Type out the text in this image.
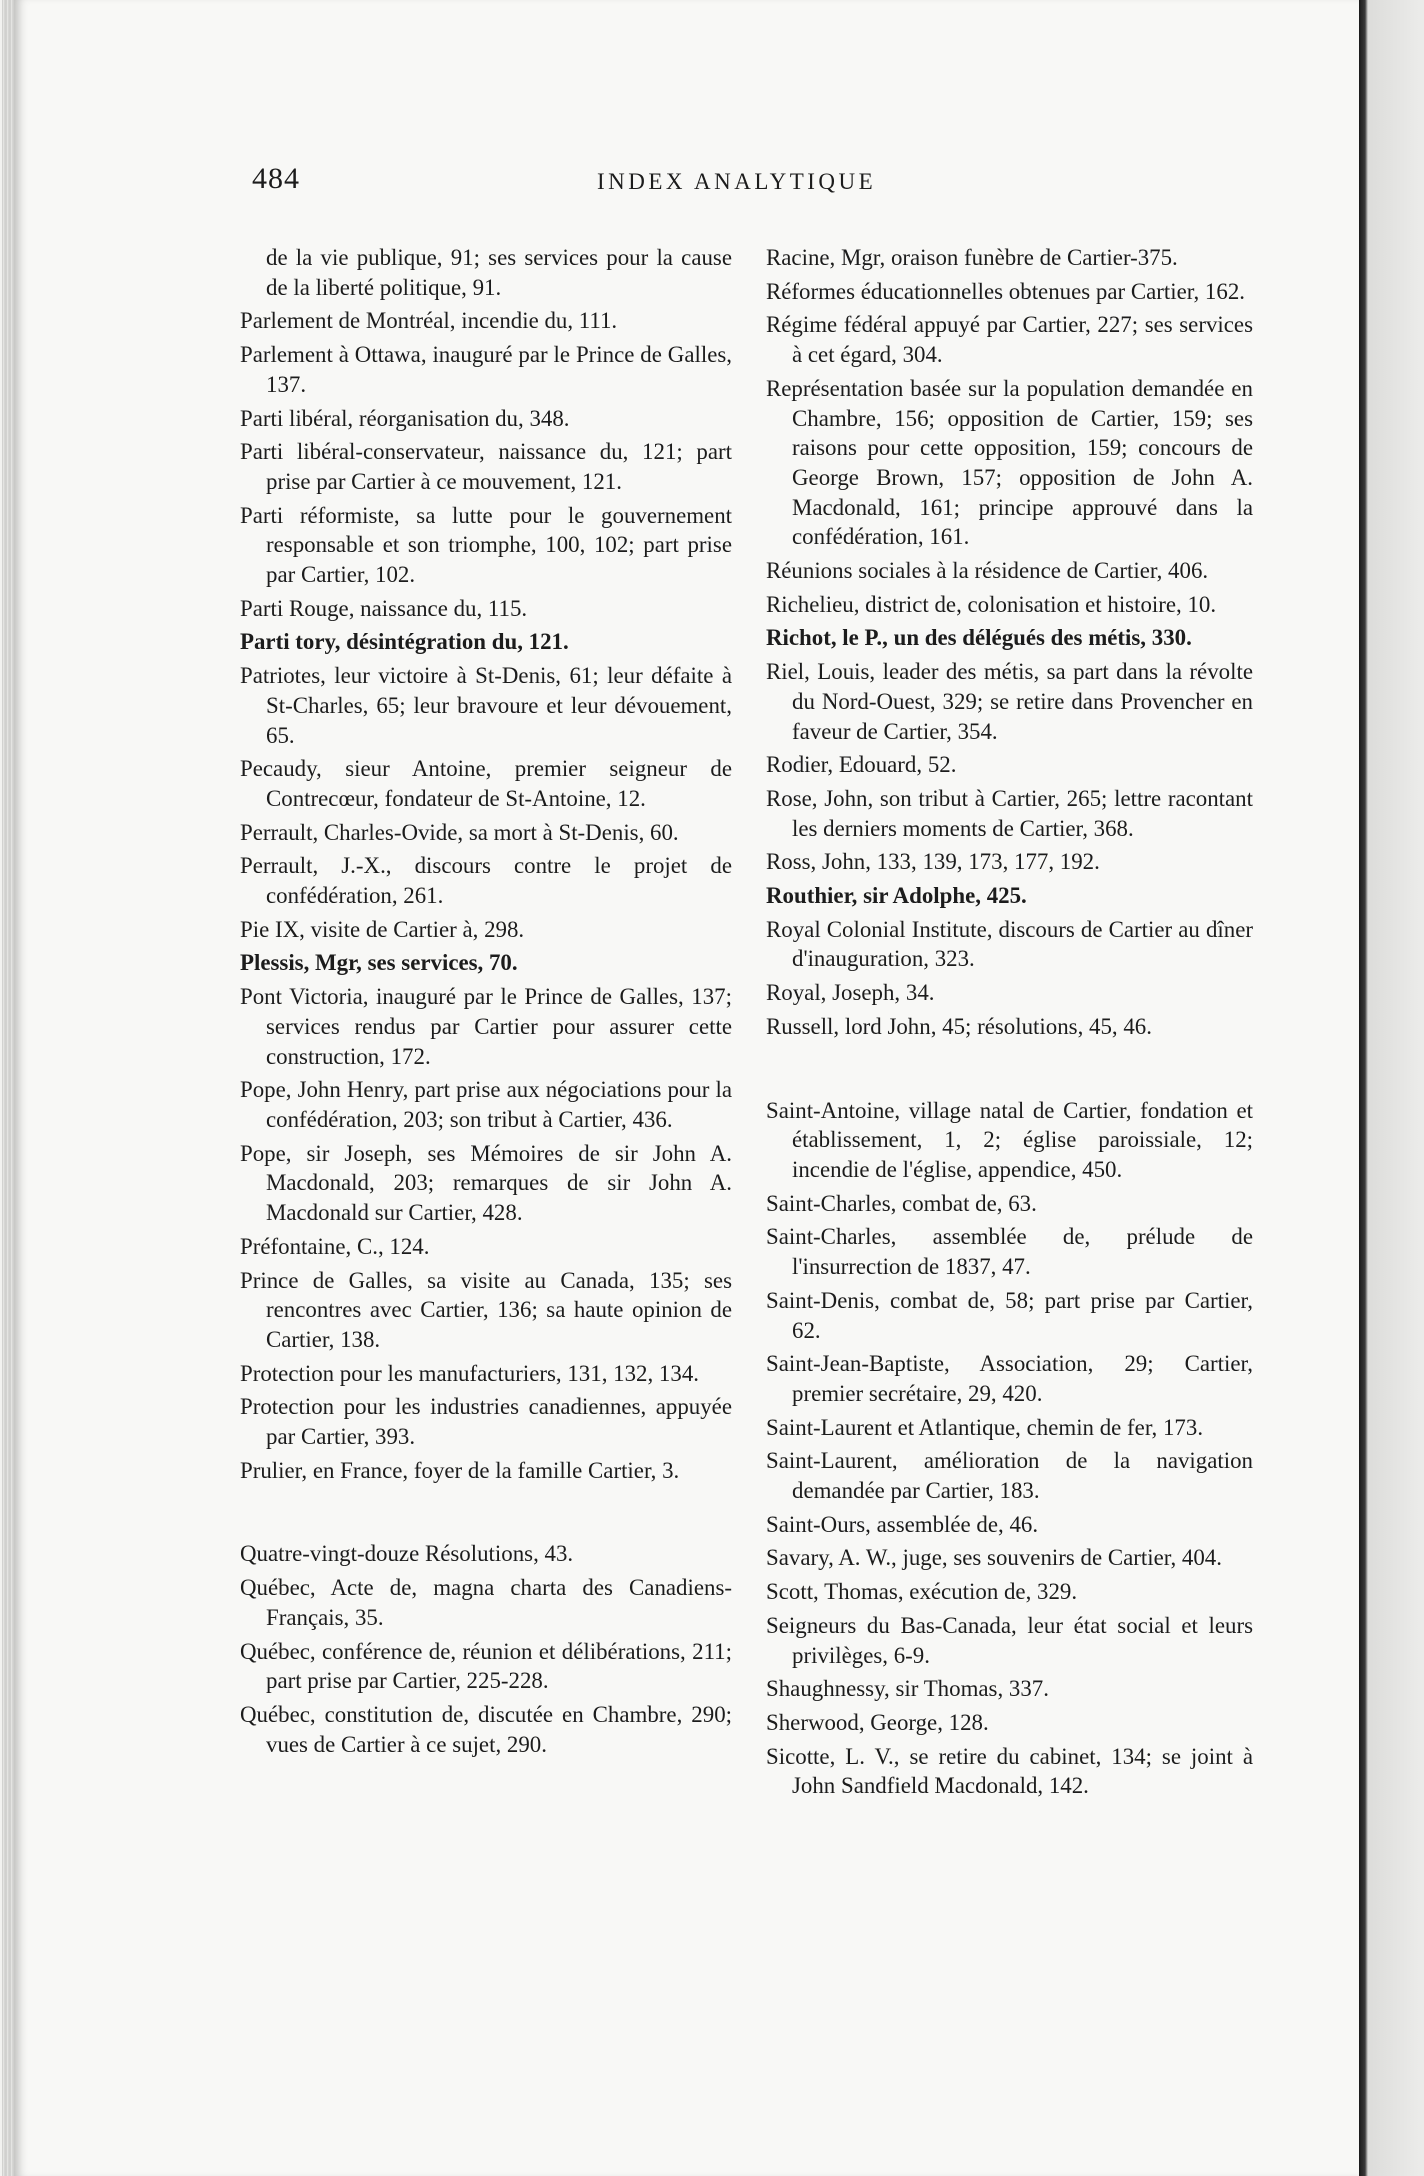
484	INDEX ANALYTIQUE

de la vie publique, 91; ses services pour la cause de la liberté politique, 91.

Parlement de Montréal, incendie du, 111.

Parlement à Ottawa, inauguré par le Prince de Galles, 137.

Parti libéral, réorganisation du, 348.

Parti libéral-conservateur, naissance du, 121; part prise par Cartier à ce mouvement, 121.

Parti réformiste, sa lutte pour le gouvernement responsable et son triomphe, 100, 102; part prise par Cartier, 102.

Parti Rouge, naissance du, 115.

Parti tory, désintégration du, 121.

Patriotes, leur victoire à St-Denis, 61; leur défaite à St-Charles, 65; leur bravoure et leur dévouement, 65.

Pecaudy, sieur Antoine, premier seigneur de Contrecœur, fondateur de St-Antoine, 12.

Perrault, Charles-Ovide, sa mort à St-Denis, 60.

Perrault, J.-X., discours contre le projet de confédération, 261.

Pie IX, visite de Cartier à, 298.

Plessis, Mgr, ses services, 70.

Pont Victoria, inauguré par le Prince de Galles, 137; services rendus par Cartier pour assurer cette construction, 172.

Pope, John Henry, part prise aux négociations pour la confédération, 203; son tribut à Cartier, 436.

Pope, sir Joseph, ses Mémoires de sir John A. Macdonald, 203; remarques de sir John A. Macdonald sur Cartier, 428.

Préfontaine, C., 124.

Prince de Galles, sa visite au Canada, 135; ses rencontres avec Cartier, 136; sa haute opinion de Cartier, 138.

Protection pour les manufacturiers, 131, 132, 134.

Protection pour les industries canadiennes, appuyée par Cartier, 393.

Prulier, en France, foyer de la famille Cartier, 3.

Quatre-vingt-douze Résolutions, 43.

Québec, Acte de, magna charta des Canadiens-Français, 35.

Québec, conférence de, réunion et délibérations, 211; part prise par Cartier, 225-228.

Québec, constitution de, discutée en Chambre, 290; vues de Cartier à ce sujet, 290.

Racine, Mgr, oraison funèbre de Cartier-375.

Réformes éducationnelles obtenues par Cartier, 162.

Régime fédéral appuyé par Cartier, 227; ses services à cet égard, 304.

Représentation basée sur la population demandée en Chambre, 156; opposition de Cartier, 159; ses raisons pour cette opposition, 159; concours de George Brown, 157; opposition de John A. Macdonald, 161; principe approuvé dans la confédération, 161.

Réunions sociales à la résidence de Cartier, 406.

Richelieu, district de, colonisation et histoire, 10.

Richot, le P., un des délégués des métis, 330.

Riel, Louis, leader des métis, sa part dans la révolte du Nord-Ouest, 329; se retire dans Provencher en faveur de Cartier, 354.

Rodier, Edouard, 52.

Rose, John, son tribut à Cartier, 265; lettre racontant les derniers moments de Cartier, 368.

Ross, John, 133, 139, 173, 177, 192.

Routhier, sir Adolphe, 425.

Royal Colonial Institute, discours de Cartier au dîner d'inauguration, 323.

Royal, Joseph, 34.

Russell, lord John, 45; résolutions, 45, 46.

Saint-Antoine, village natal de Cartier, fondation et établissement, 1, 2; église paroissiale, 12; incendie de l'église, appendice, 450.

Saint-Charles, combat de, 63.

Saint-Charles, assemblée de, prélude de l'insurrection de 1837, 47.

Saint-Denis, combat de, 58; part prise par Cartier, 62.

Saint-Jean-Baptiste, Association, 29; Cartier, premier secrétaire, 29, 420.

Saint-Laurent et Atlantique, chemin de fer, 173.

Saint-Laurent, amélioration de la navigation demandée par Cartier, 183.

Saint-Ours, assemblée de, 46.

Savary, A. W., juge, ses souvenirs de Cartier, 404.

Scott, Thomas, exécution de, 329.

Seigneurs du Bas-Canada, leur état social et leurs privilèges, 6-9.

Shaughnessy, sir Thomas, 337.

Sherwood, George, 128.

Sicotte, L. V., se retire du cabinet, 134; se joint à John Sandfield Macdonald, 142.
